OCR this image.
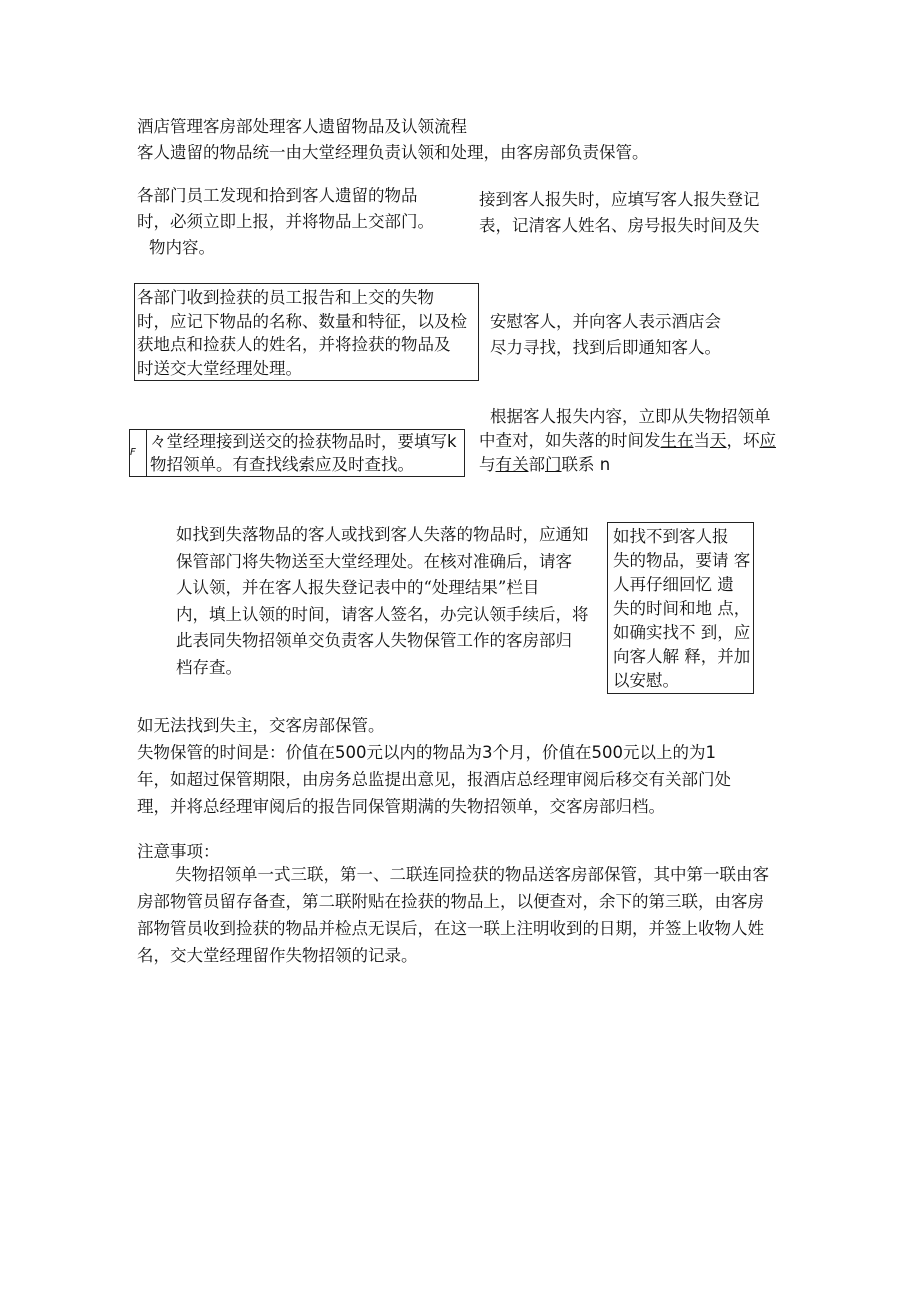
酒店管理客房部处理客人遗留物品及认领流程
客人遗留的物品统一由大堂经理负责认领和处理，由客房部负责保管。
各部门员工发现和拾到客人遗留的物品
时，必须立即上报，并将物品上交部门。
物内容。
接到客人报失时，应填写客人报失登记
表，记清客人姓名、房号报失时间及失
各部门收到捡获的员工报告和上交的失物
时，应记下物品的名称、数量和特征，以及检
获地点和捡获人的姓名，并将捡获的物品及
时送交大堂经理处理。
安慰客人，并向客人表示酒店会
尽力寻找，找到后即通知客人。
F
々堂经理接到送交的捡获物品时，要填写k
物招领单。有查找线索应及时查找。
根据客人报失内容，立即从失物招领单
中查对，如失落的时间发生在当天，坏应
与有关部门联系 n
如找到失落物品的客人或找到客人失落的物品时，应通知
保管部门将失物送至大堂经理处。在核对准确后，请客
人认领，并在客人报失登记表中的“处理结果”栏目
内，填上认领的时间，请客人签名，办完认领手续后，将
此表同失物招领单交负责客人失物保管工作的客房部归
档存查。
如找不到客人报
失的物品，要请 客
人再仔细回忆 遗
失的时间和地 点，
如确实找不 到，应
向客人解 释，并加
以安慰。
如无法找到失主，交客房部保管。
失物保管的时间是：价值在500元以内的物品为3个月，价值在500元以上的为1
年，如超过保管期限，由房务总监提出意见，报酒店总经理审阅后移交有关部门处
理，并将总经理审阅后的报告同保管期满的失物招领单，交客房部归档。
注意事项：
失物招领单一式三联，第一、二联连同捡获的物品送客房部保管，其中第一联由客
房部物管员留存备查，第二联附贴在捡获的物品上，以便查对，余下的第三联，由客房
部物管员收到捡获的物品并检点无误后，在这一联上注明收到的日期，并签上收物人姓
名，交大堂经理留作失物招领的记录。
